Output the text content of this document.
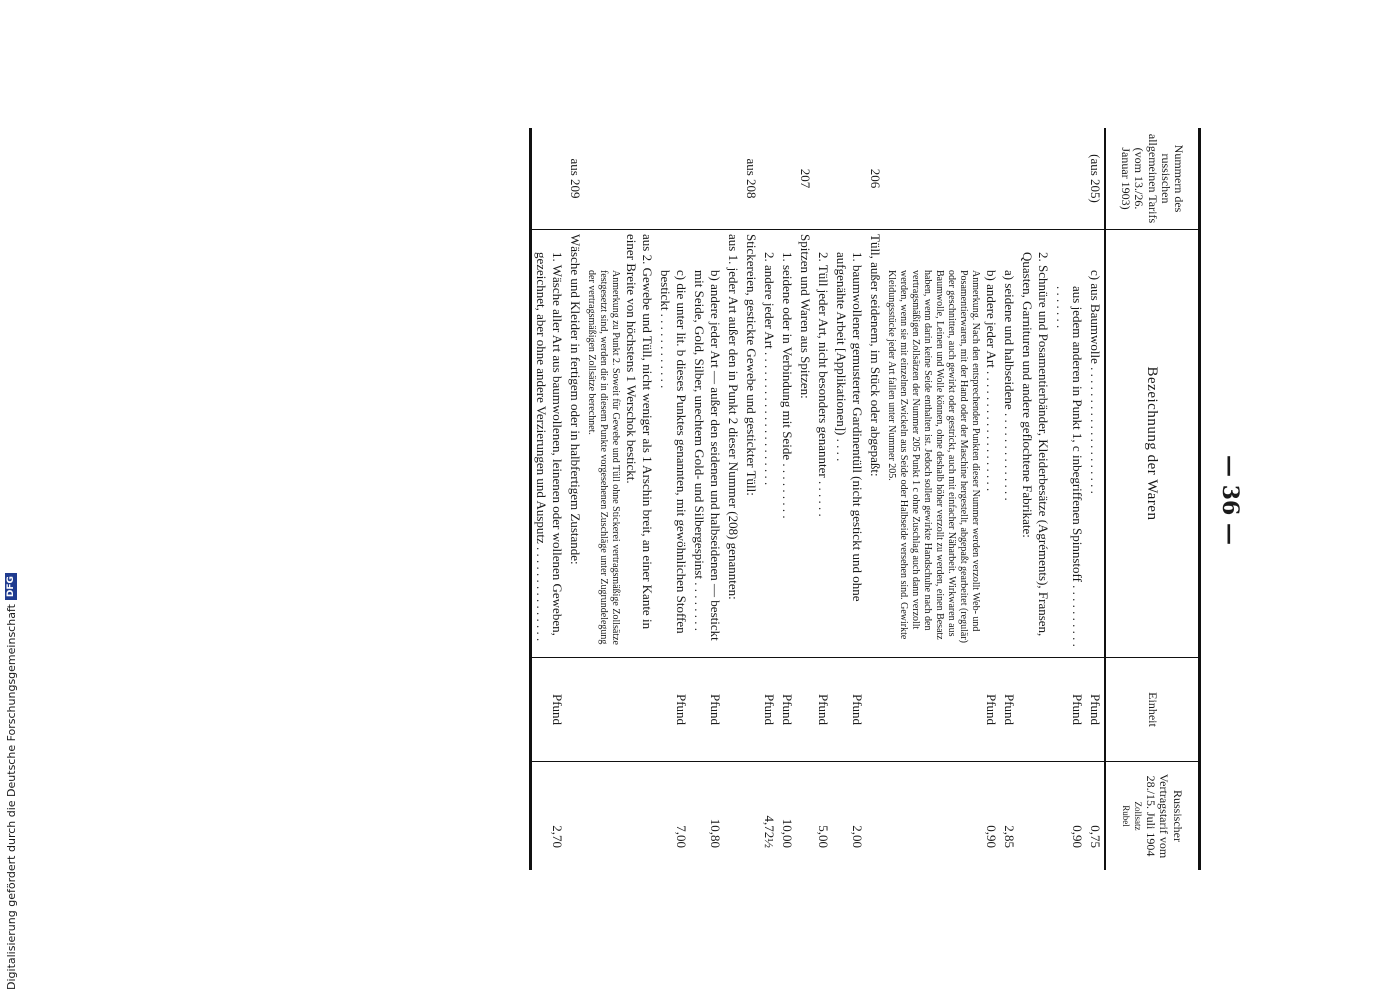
— 36 —
Nummern des russischen allgemeinen Tarifs (vom 13./26. Januar 1903)
Bezeichnung der Waren
Einheit
Russischer Vertragstarif vom 28./15. Juli 1904
Zollsatz
Rubel
(aus 205)
c) aus Baumwolle . . . . . . . . . . . . . . . . . . . .
Pfund
0,75
aus jedem anderen in Punkt 1, c inbegriffenen Spinnstoff . . . . . . . . . . . . . . . . .
Pfund
0,90
2. Schnüre und Posamentierbänder, Kleiderbesätze (Agréments), Fransen, Quasten, Garnituren und andere geflochtene Fabrikate:
a) seidene und halbseidene . . . . . . . . . . . . . .
Pfund
2,85
b) andere jeder Art . . . . . . . . . . . . . . . . . . .
Pfund
0,90
Anmerkung. Nach den entsprechenden Punkten dieser Nummer werden verzollt Web- und Posamentierwaren, mit der Hand oder der Maschine hergestellt, abgepaßt gearbeitet (regulär) oder geschnitten, auch gewirkt oder gestrickt, auch mit einfacher Näharbeit. Wirkwaren aus Baumwolle, Leinen und Wolle können, ohne deshalb höher verzollt zu werden, einen Besatz haben, wenn darin keine Seide enthalten ist. Jedoch sollen gewirkte Handschuhe nach den vertragsmäßigen Zollsätzen der Nummer 205 Punkt 1 c ohne Zuschlag auch dann verzollt werden, wenn sie mit einzelnen Zwickeln aus Seide oder Halbseide versehen sind. Gewirkte Kleidungsstücke jeder Art fallen unter Nummer 205.
206
Tüll, außer seidenem, im Stück oder abgepaßt:
1. baumwollener gemusterter Gardinentüll (nicht gestickt und ohne aufgenähte Arbeit [Applikationen]) . . . .
Pfund
2,00
2. Tüll jeder Art, nicht besonders genannter . . . . . .
Pfund
5,00
207
Spitzen und Waren aus Spitzen:
1. seidene oder in Verbindung mit Seide . . . . . . . . .
Pfund
10,00
2. andere jeder Art . . . . . . . . . . . . . . . . . . . . .
Pfund
4,72½
aus 208
Stickereien, gestickte Gewebe und gestickter Tüll:
aus 1. jeder Art außer den in Punkt 2 dieser Nummer (208) genannten:
b) andere jeder Art — außer den seidenen und halbseidenen — bestickt mit Seide, Gold, Silber, unechtem Gold- und Silbergespinst . . . . . . . .
Pfund
10,80
c) die unter lit. b dieses Punktes genannten, mit gewöhnlichen Stoffen bestickt . . . . . . . . . . . .
Pfund
7,00
aus 2. Gewebe und Tüll, nicht weniger als 1 Arschin breit, an einer Kante in einer Breite von höchstens 1 Werschok bestickt.
Anmerkung zu Punkt 2. Soweit für Gewebe und Tüll ohne Stickerei vertragsmäßige Zollsätze festgesetzt sind, werden die in diesem Punkte vorgesehenen Zuschläge unter Zugrundelegung der vertragsmäßigen Zollsätze berechnet.
aus 209
Wäsche und Kleider in fertigem oder in halbfertigem Zustande:
1. Wäsche aller Art aus baumwollenen, leinenen oder wollenen Geweben, gezeichnet, aber ohne andere Verzierungen und Ausputz . . . . . . . . . . . . . . .
Pfund
2,70
Digitalisierung gefördert durch die Deutsche Forschungsgemeinschaft
DFG
